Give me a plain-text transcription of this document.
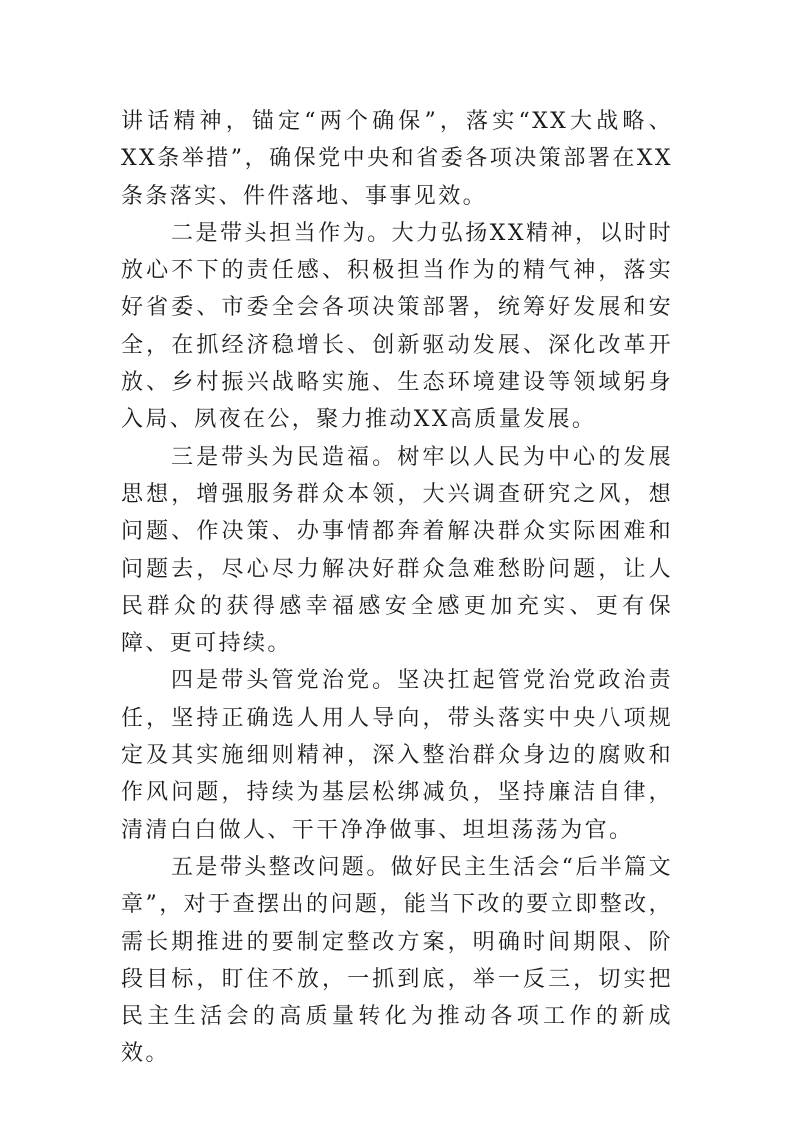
讲话精神，锚定“两个确保”，落实“XX大战略、XX条举措”，确保党中央和省委各项决策部署在XX条条落实、件件落地、事事见效。

二是带头担当作为。大力弘扬XX精神，以时时放心不下的责任感、积极担当作为的精气神，落实好省委、市委全会各项决策部署，统筹好发展和安全，在抓经济稳增长、创新驱动发展、深化改革开放、乡村振兴战略实施、生态环境建设等领域躬身入局、夙夜在公，聚力推动XX高质量发展。

三是带头为民造福。树牢以人民为中心的发展思想，增强服务群众本领，大兴调查研究之风，想问题、作决策、办事情都奔着解决群众实际困难和问题去，尽心尽力解决好群众急难愁盼问题，让人民群众的获得感幸福感安全感更加充实、更有保障、更可持续。

四是带头管党治党。坚决扛起管党治党政治责任，坚持正确选人用人导向，带头落实中央八项规定及其实施细则精神，深入整治群众身边的腐败和作风问题，持续为基层松绑减负，坚持廉洁自律，清清白白做人、干干净净做事、坦坦荡荡为官。

五是带头整改问题。做好民主生活会“后半篇文章”，对于查摆出的问题，能当下改的要立即整改，需长期推进的要制定整改方案，明确时间期限、阶段目标，盯住不放，一抓到底，举一反三，切实把民主生活会的高质量转化为推动各项工作的新成效。
